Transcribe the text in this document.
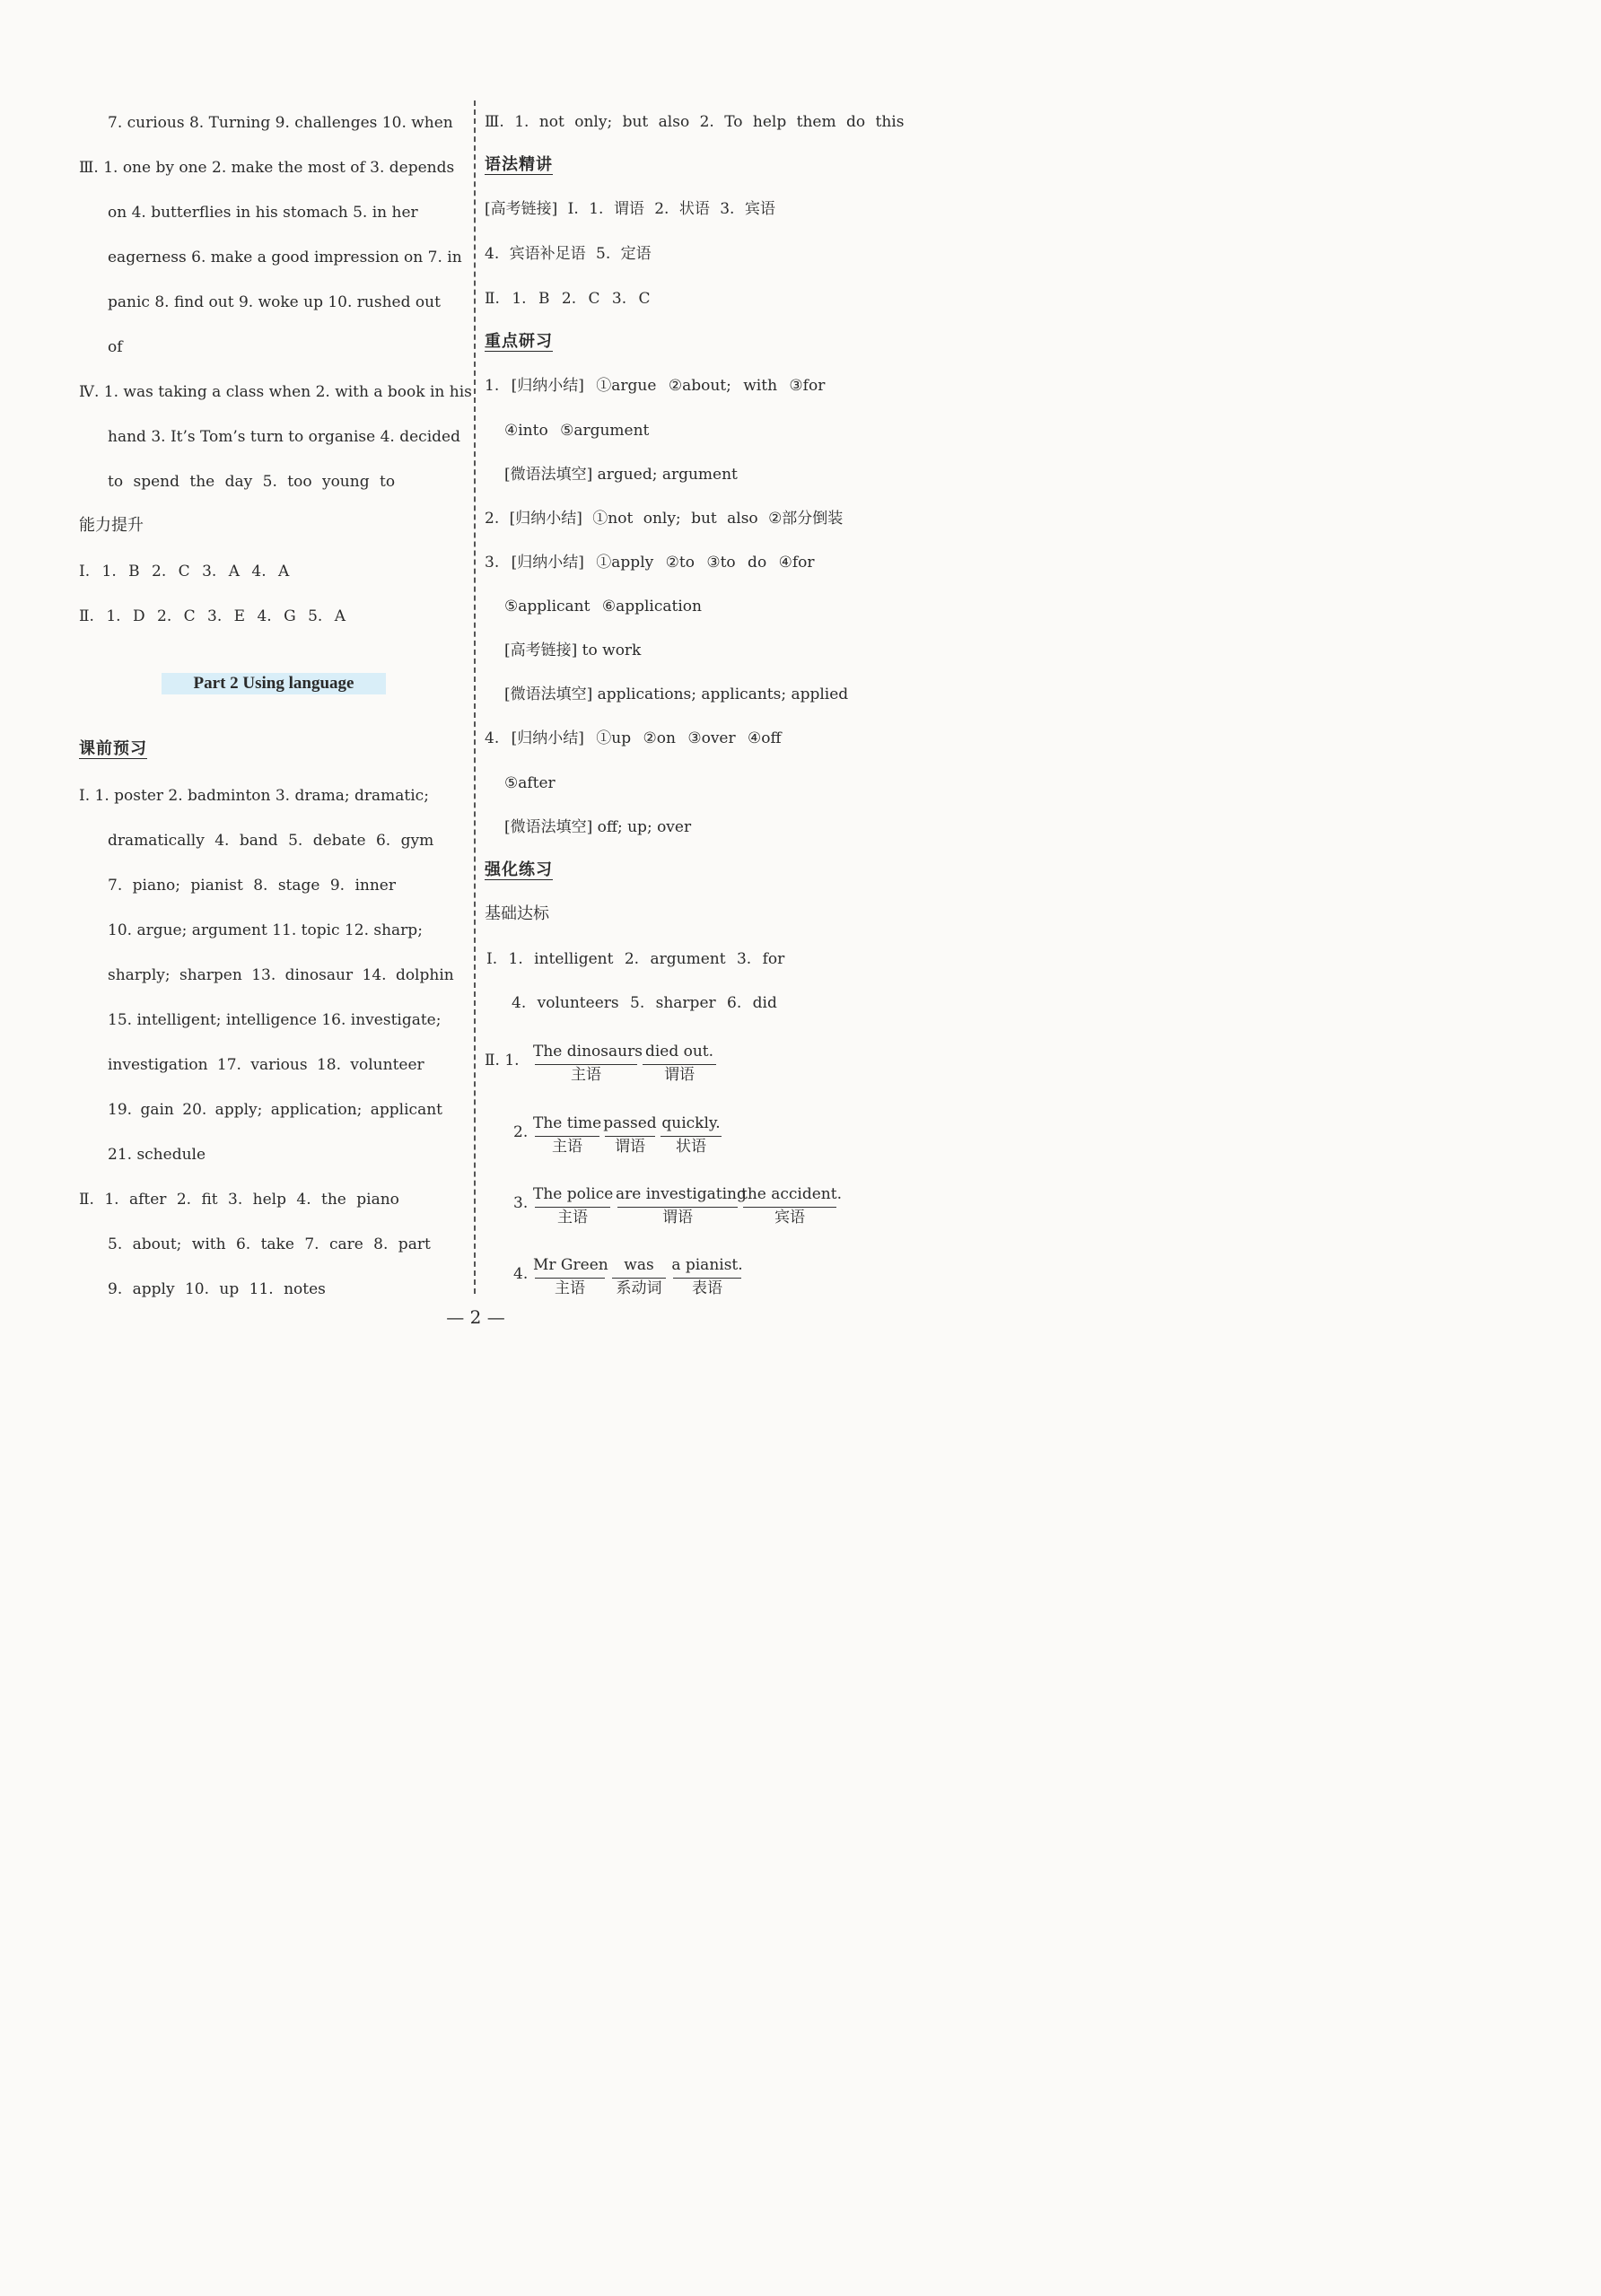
7. curious 8. Turning 9. challenges 10. when
Ⅲ. 1. one by one 2. make the most of 3. depends
on 4. butterflies in his stomach 5. in her
eagerness 6. make a good impression on 7. in
panic 8. find out 9. woke up 10. rushed out
of
Ⅳ. 1. was taking a class when 2. with a book in his
hand 3. It’s Tom’s turn to organise 4. decided
to spend the day 5. too young to
能力提升
Ⅰ. 1. B 2. C 3. A 4. A
Ⅱ. 1. D 2. C 3. E 4. G 5. A
Part 2 Using language
课前预习
Ⅰ. 1. poster 2. badminton 3. drama; dramatic;
dramatically 4. band 5. debate 6. gym
7. piano; pianist 8. stage 9. inner
10. argue; argument 11. topic 12. sharp;
sharply; sharpen 13. dinosaur 14. dolphin
15. intelligent; intelligence 16. investigate;
investigation 17. various 18. volunteer
19. gain 20. apply; application; applicant
21. schedule
Ⅱ. 1. after 2. fit 3. help 4. the piano
5. about; with 6. take 7. care 8. part
9. apply 10. up 11. notes
Ⅲ. 1. not only; but also 2. To help them do this
语法精讲
[高考链接] Ⅰ. 1. 谓语 2. 状语 3. 宾语
4. 宾语补足语 5. 定语
Ⅱ. 1. B 2. C 3. C
重点研习
1. [归纳小结] ①argue ②about; with ③for
④into ⑤argument
[微语法填空] argued; argument
2. [归纳小结] ①not only; but also ②部分倒装
3. [归纳小结] ①apply ②to ③to do ④for
⑤applicant ⑥application
[高考链接] to work
[微语法填空] applications; applicants; applied
4. [归纳小结] ①up ②on ③over ④off
⑤after
[微语法填空] off; up; over
强化练习
基础达标
Ⅰ. 1. intelligent 2. argument 3. for
4. volunteers 5. sharper 6. did
Ⅱ. 1. The dinosaurs
主语
died out.
谓语
2. The time
主语
passed
谓语
quickly.
状语
3. The police
主语
are investigating
谓语
the accident.
宾语
4. Mr Green
主语
was
系动词
a pianist.
表语
— 2 —
